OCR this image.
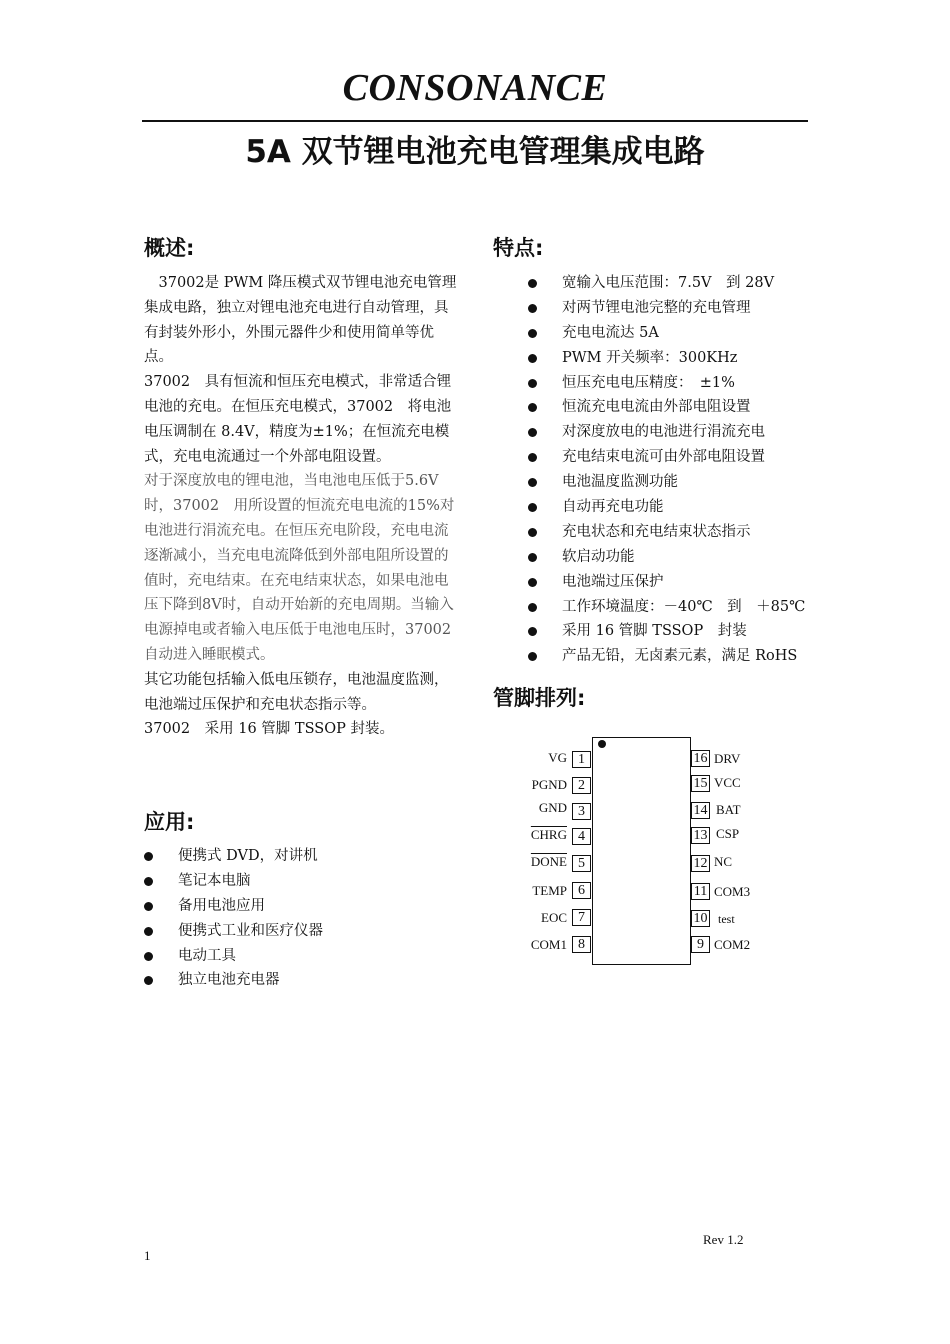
CONSONANCE
5A 双节锂电池充电管理集成电路
概述:

　37002是 PWM 降压模式双节锂电池充电管理集成电路，独立对锂电池充电进行自动管理，具有封装外形小，外围元器件少和使用简单等优点。

37002　具有恒流和恒压充电模式，非常适合锂电池的充电。在恒压充电模式，37002　将电池电压调制在 8.4V，精度为±1%；在恒流充电模式，充电电流通过一个外部电阻设置。

对于深度放电的锂电池，当电池电压低于5.6V时，37002　用所设置的恒流充电电流的15%对电池进行涓流充电。在恒压充电阶段，充电电流逐渐减小，当充电电流降低到外部电阻所设置的值时，充电结束。在充电结束状态，如果电池电压下降到8V时，自动开始新的充电周期。当输入电源掉电或者输入电压低于电池电压时，37002　自动进入睡眠模式。

其它功能包括输入低电压锁存，电池温度监测，电池端过压保护和充电状态指示等。

37002　采用 16 管脚 TSSOP 封装。

应用:
便携式 DVD，对讲机
笔记本电脑
备用电池应用
便携式工业和医疗仪器
电动工具
独立电池充电器
特点:
宽输入电压范围：7.5V　到 28V
对两节锂电池完整的充电管理
充电电流达 5A
PWM 开关频率：300KHz
恒压充电电压精度：　±1%
恒流充电电流由外部电阻设置
对深度放电的电池进行涓流充电
充电结束电流可由外部电阻设置
电池温度监测功能
自动再充电功能
充电状态和充电结束状态指示
软启动功能
电池端过压保护
工作环境温度：－40℃　到　＋85℃
采用 16 管脚 TSSOP　封装
产品无铅，无卤素元素，满足 RoHS
管脚排列:
1
VG
2
PGND
3
GND
4
CHRG
5
DONE
6
TEMP
7
EOC
8
COM1
16 DRV
15 VCC
14 BAT
13 CSP
12 NC
11 COM3
10 test
9 COM2
Rev 1.2
1
